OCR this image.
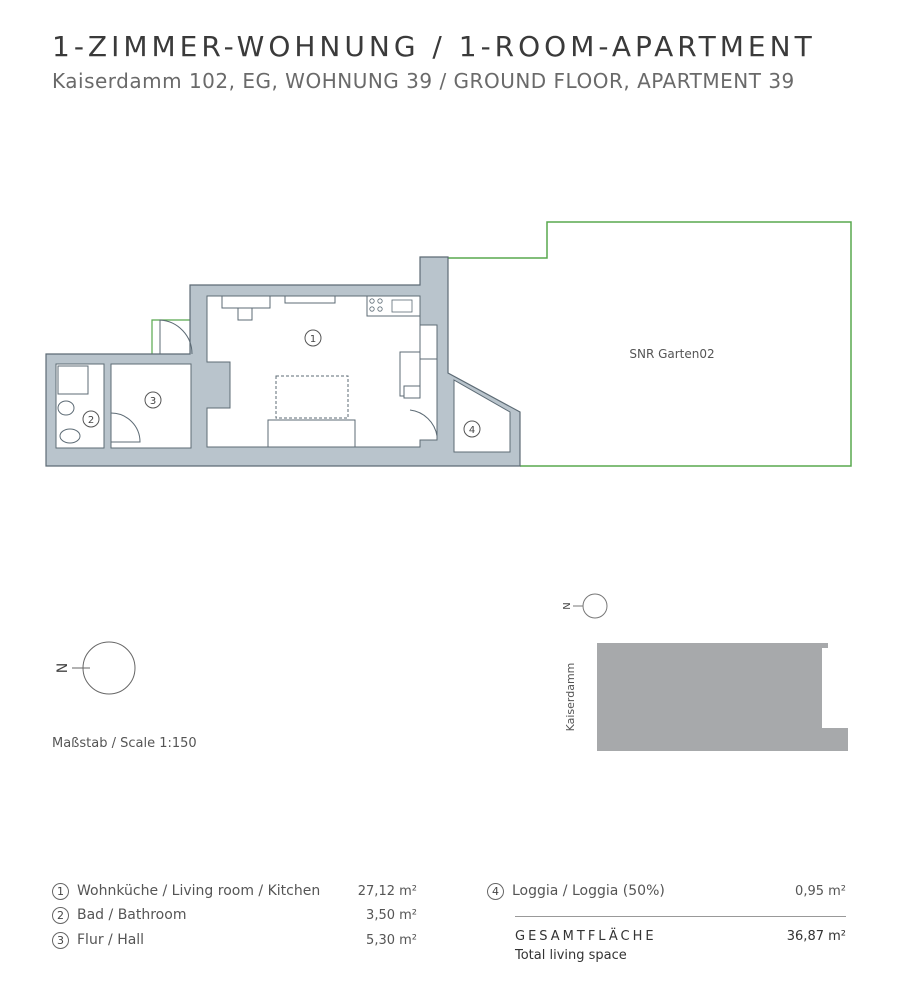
1-ZIMMER-WOHNUNG / 1-ROOM-APARTMENT
Kaiserdamm 102, EG, WOHNUNG 39 / GROUND FLOOR, APARTMENT 39
1
2
3
4
SNR Garten02
N
N
Kaiserdamm
Maßstab / Scale 1:150
1 Wohnküche / Living room / Kitchen	27,12 m²
2 Bad / Bathroom	3,50 m²
3 Flur / Hall	5,30 m²
4 Loggia / Loggia (50%)	0,95 m²
GESAMTFLÄCHE
Total living space
36,87 m²
